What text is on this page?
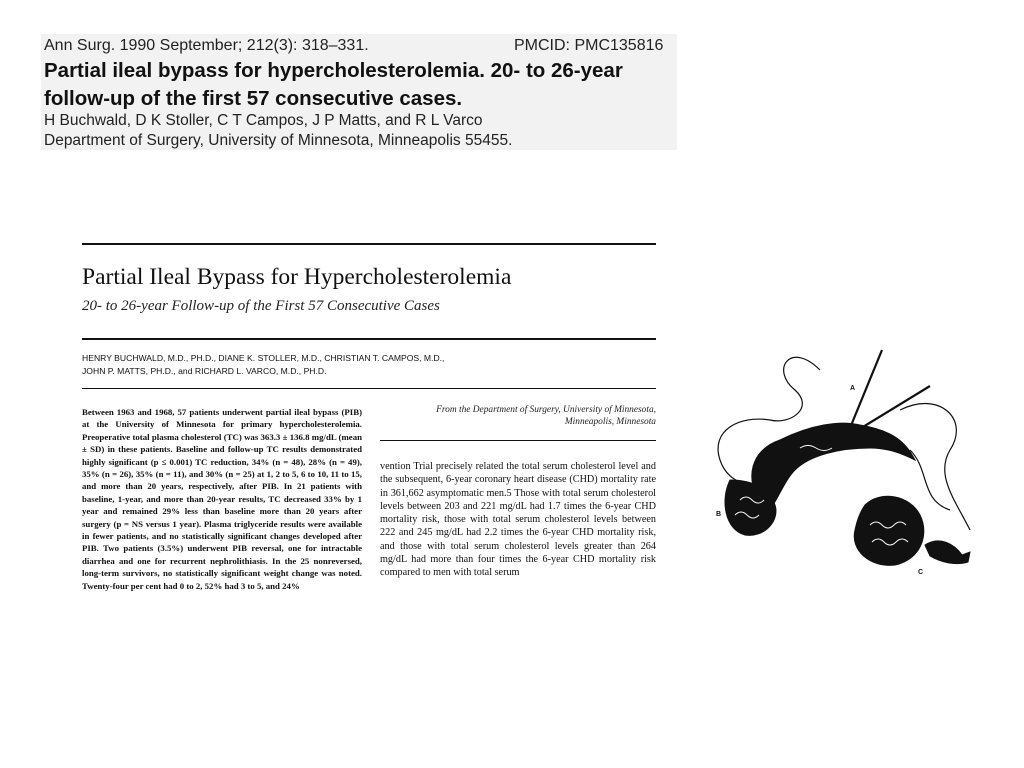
Ann Surg. 1990 September; 212(3): 318–331.	PMCID: PMC135816
Partial ileal bypass for hypercholesterolemia. 20- to 26-year follow-up of the first 57 consecutive cases.
H Buchwald, D K Stoller, C T Campos, J P Matts, and R L Varco
Department of Surgery, University of Minnesota, Minneapolis 55455.
Partial Ileal Bypass for Hypercholesterolemia
20- to 26-year Follow-up of the First 57 Consecutive Cases
HENRY BUCHWALD, M.D., PH.D., DIANE K. STOLLER, M.D., CHRISTIAN T. CAMPOS, M.D.,
JOHN P. MATTS, PH.D., and RICHARD L. VARCO, M.D., PH.D.
Between 1963 and 1968, 57 patients underwent partial ileal bypass (PIB) at the University of Minnesota for primary hypercholesterolemia. Preoperative total plasma cholesterol (TC) was 363.3 ± 136.8 mg/dL (mean ± SD) in these patients. Baseline and follow-up TC results demonstrated highly significant (p ≤ 0.001) TC reduction, 34% (n = 48), 28% (n = 49), 35% (n = 26), 35% (n = 11), and 30% (n = 25) at 1, 2 to 5, 6 to 10, 11 to 15, and more than 20 years, respectively, after PIB. In 21 patients with baseline, 1-year, and more than 20-year results, TC decreased 33% by 1 year and remained 29% less than baseline more than 20 years after surgery (p = NS versus 1 year). Plasma triglyceride results were available in fewer patients, and no statistically significant changes developed after PIB. Two patients (3.5%) underwent PIB reversal, one for intractable diarrhea and one for recurrent nephrolithiasis. In the 25 nonreversed, long-term survivors, no statistically significant weight change was noted. Twenty-four per cent had 0 to 2, 52% had 3 to 5, and 24%
From the Department of Surgery, University of Minnesota,
Minneapolis, Minnesota
vention Trial precisely related the total serum cholesterol level and the subsequent, 6-year coronary heart disease (CHD) mortality rate in 361,662 asymptomatic men.5 Those with total serum cholesterol levels between 203 and 221 mg/dL had 1.7 times the 6-year CHD mortality risk, those with total serum cholesterol levels between 222 and 245 mg/dL had 2.2 times the 6-year CHD mortality risk, and those with total serum cholesterol levels greater than 264 mg/dL had more than four times the 6-year CHD mortality risk compared to men with total serum
A
B
C
